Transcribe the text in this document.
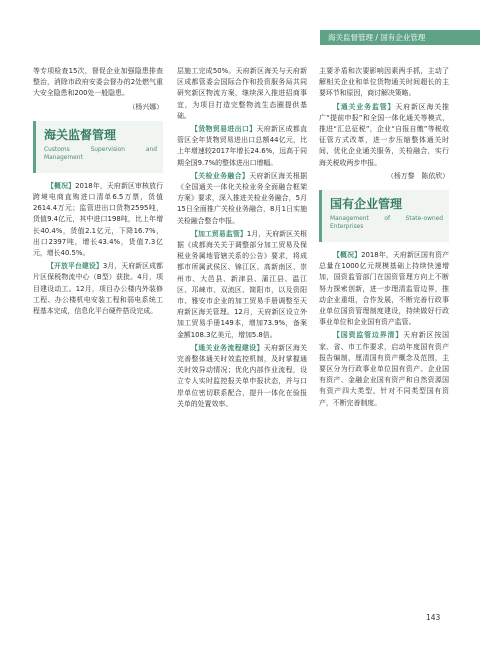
海关监督管理 / 国有企业管理

等专项检查15次，督促企业加强隐患排查整治，消除市政府安委会督办的2处燃气重大安全隐患和200处一般隐患。

（杨兴娜）

海关监督管理
Customs Supervision and Management

【概况】2018年，天府新区审核放行跨境电商直购进口清单6.5万票，货值2614.4万元；监管进出口货物2595吨，货值9.4亿元，其中进口198吨，比上年增长40.4%，货值2.1亿元，下降16.7%，出口2397吨，增长43.4%，货值7.3亿元，增长40.5%。

【开放平台建设】3月，天府新区成都片区保税物流中心（B型）获批。4月，项目建设动工。12月，项目办公楼内外装修工程、办公楼机电安装工程和弱电系统工程基本完成，信息化平台硬件搭设完成。

层施工完成50%。天府新区海关与天府新区成都管委会国际合作和投资服务局共同研究新区物流方案，继续深入推进招商事宜，为项目打造完整物流生态圈提供基础。

【货物贸易进出口】天府新区成都直管区全年货物贸易进出口总额44亿元，比上年增速较2017年增长24.6%，远高于同期全国9.7%的整体进出口增幅。

【关检业务融合】天府新区海关根据《全国通关一体化关检业务全面融合框架方案》要求，深入推进关检业务融合，5月15日全面推广关检业务融合，8月1日实施关检融合整合申报。

【加工贸易监管】1月，天府新区关根据《成都海关关于调整部分加工贸易及保税业务属地管辖关系的公告》要求，将成都市所属武侯区、锦江区、高新南区、崇州市、大邑县、新津县、蒲江县、温江区、邛崃市、双流区、简阳市，以及资阳市、雅安市企业的加工贸易手册调整至天府新区海关管理。12月，天府新区设立外加工贸易手册149本，增加73.9%，备案金额108.3亿美元，增加5.8倍。

【通关业务流程建设】天府新区海关完善整体通关时效监控机制，及时掌握通关时效异动情况；优化内部作业流程，设立专人实时监控报关单申报状态，并与口岸单位密切联系配合，提升一体化在验报关单的处置效率。

主要矛盾和次要影响因素两手抓，主动了解相关企业和单位货物通关时间超长的主要环节和原因，商讨解决策略。

【通关业务监管】天府新区海关推广“提前申报”和全国一体化通关等模式，推进“汇总征税”，企业“自报自缴”等税收征管方式改革，进一步压缩整体通关时间，优化企业通关服务，关检融合，实行海关税收两步申报。

（杨万黎　陈依欣）

国有企业管理
Management of State-owned Enterprises

【概况】2018年，天府新区国有资产总量在1000亿元规模基础上持续快速增加，国资监管部门在国资管理方向上不断努力探索创新，进一步理清监管边界，推动企业重组，合作发展，不断完善行政事业单位国资管理制度建设，持续做好行政事业单位和企业国有资产监管。

【国资监管边界清】天府新区按国家、省、市工作要求，启动年度国有资产报告编制，厘清国有资产概念及范围，主要区分为行政事业单位国有资产、企业国有资产、金融企业国有资产和自然资源国有资产四大类型，针对不同类型国有资产，不断完善制度。

143
